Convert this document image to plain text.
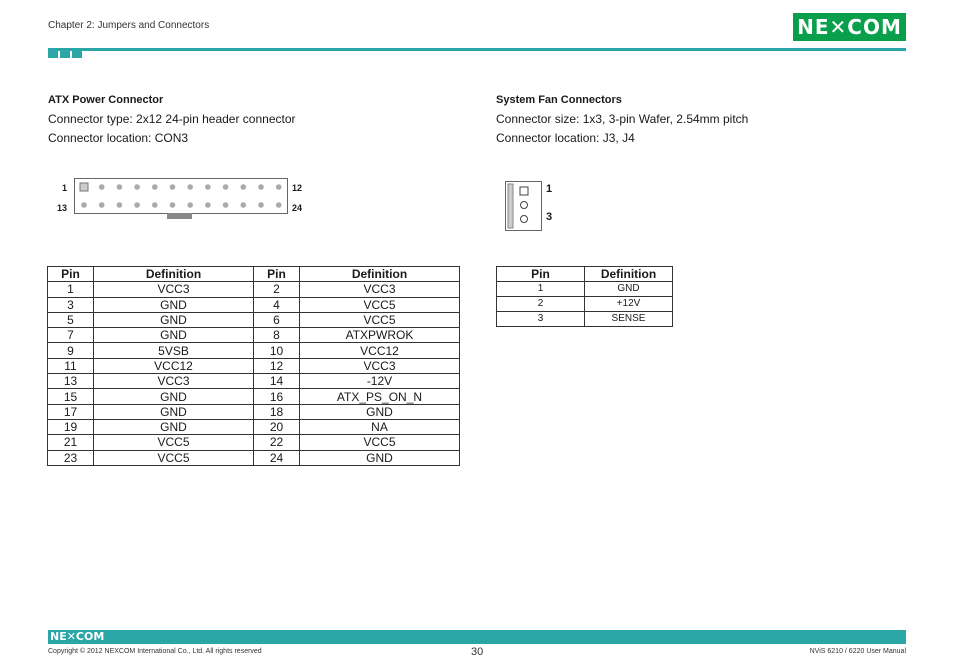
Chapter 2: Jumpers and Connectors	NE✕COM
ATX Power Connector
Connector type: 2x12 24-pin header connector
Connector location: CON3
1
13
12
24
Pin	Definition	Pin	Definition
1	VCC3	2	VCC3
3	GND	4	VCC5
5	GND	6	VCC5
7	GND	8	ATXPWROK
9	5VSB	10	VCC12
11	VCC12	12	VCC3
13	VCC3	14	-12V
15	GND	16	ATX_PS_ON_N
17	GND	18	GND
19	GND	20	NA
21	VCC5	22	VCC5
23	VCC5	24	GND
System Fan Connectors
Connector size: 1x3, 3-pin Wafer, 2.54mm pitch
Connector location: J3, J4
1
3
Pin	Definition
1	GND
2	+12V
3	SENSE
NE✕COM
Copyright © 2012 NEXCOM International Co., Ltd. All rights reserved	30	NViS 6210 / 6220 User Manual
